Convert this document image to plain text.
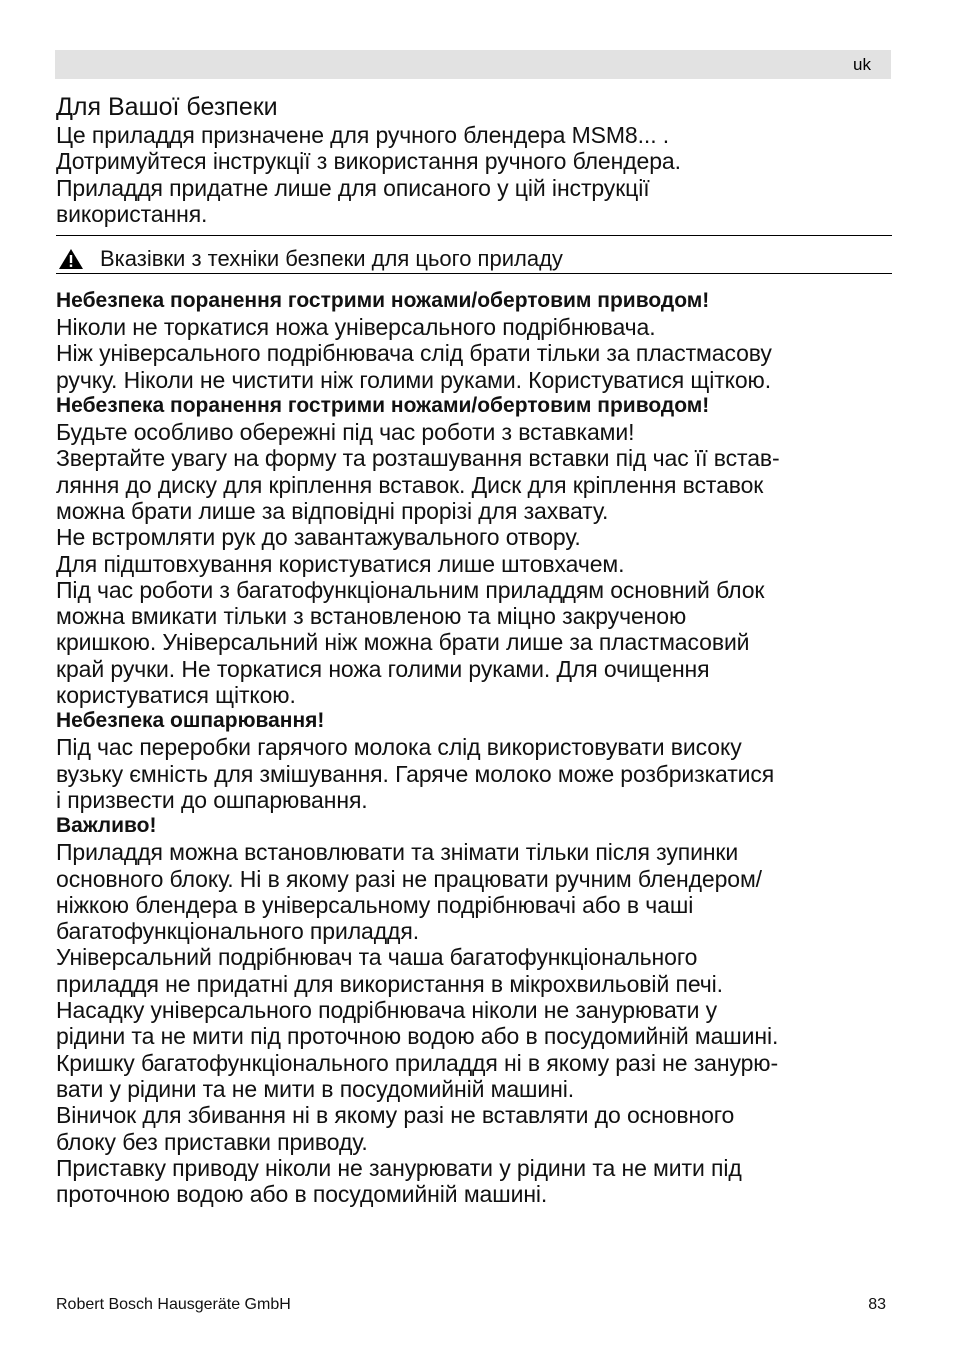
uk
Для Вашої безпеки

Це приладдя призначене для ручного блендера MSM8... .

Дотримуйтеся інструкції з використання ручного блендера.

Приладдя придатне лише для описаного у цій інструкції

використання.

Вказівки з техніки безпеки для цього приладу

Небезпека поранення гострими ножами/обертовим приводом!

Ніколи не торкатися ножа універсального подрібнювача.

Ніж універсального подрібнювача слід брати тільки за пластмасову

ручку. Ніколи не чистити ніж голими руками. Користуватися щіткою.

Небезпека поранення гострими ножами/обертовим приводом!

Будьте особливо обережні під час роботи з вставками!

Звертайте увагу на форму та розташування вставки під час її встав-

ляння до диску для кріплення вставок. Диск для кріплення вставок

можна брати лише за відповідні прорізі для захвату.

Не встромляти рук до завантажувального отвору.

Для підштовхування користуватися лише штовхачем.

Під час роботи з багатофункціональним приладдям основний блок

можна вмикати тільки з встановленою та міцно закрученою

кришкою. Універсальний ніж можна брати лише за пластмасовий

край ручки. Не торкатися ножа голими руками. Для очищення

користуватися щіткою.

Небезпека ошпарювання!

Під час переробки гарячого молока слід використовувати високу

вузьку ємність для змішування. Гаряче молоко може розбризкатися

і призвести до ошпарювання.

Важливо!

Приладдя можна встановлювати та знімати тільки після зупинки

основного блоку. Ні в якому разі не працювати ручним блендером/

ніжкою блендера в універсальному подрібнювачі або в чаші

багатофункціонального приладдя.

Універсальний подрібнювач та чаша багатофункціонального

приладдя не придатні для використання в мікрохвильовій печі.

Насадку універсального подрібнювача ніколи не занурювати у

рідини та не мити під проточною водою або в посудомийній машині.

Кришку багатофункціонального приладдя ні в якому разі не занурю-

вати у рідини та не мити в посудомийній машині.

Віничок для збивання ні в якому разі не вставляти до основного

блоку без приставки приводу.

Приставку приводу ніколи не занурювати у рідини та не мити під

проточною водою або в посудомийній машині.

Robert Bosch Hausgeräte GmbH	83
